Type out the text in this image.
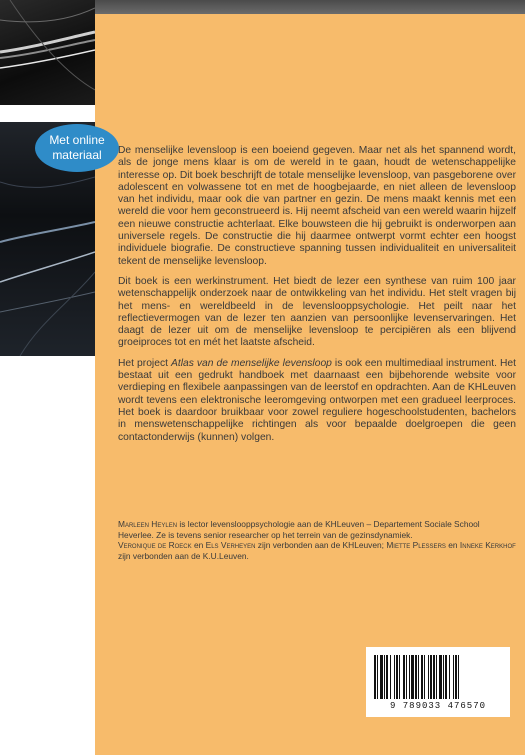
Met online
materiaal	De menselijke levensloop is een boeiend gegeven. Maar net als het spannend wordt, als de jonge mens klaar is om de wereld in te gaan, houdt de wetenschappelijke interesse op. Dit boek beschrijft de totale menselijke levensloop, van pasgeborene over adolescent en volwassene tot en met de hoogbejaarde, en niet alleen de levensloop van het individu, maar ook die van partner en gezin. De mens maakt kennis met een wereld die voor hem geconstrueerd is. Hij neemt afscheid van een wereld waarin hijzelf een nieuwe constructie achterlaat. Elke bouwsteen die hij gebruikt is onderworpen aan universele regels. De constructie die hij daarmee ontwerpt vormt echter een hoogst individuele biografie. De constructieve spanning tussen individualiteit en universaliteit tekent de menselijke levensloop.

Dit boek is een werkinstrument. Het biedt de lezer een synthese van ruim 100 jaar wetenschappelijk onderzoek naar de ontwikkeling van het individu. Het stelt vragen bij het mens- en wereldbeeld in de levenslooppsychologie. Het peilt naar het reflectievermogen van de lezer ten aanzien van persoonlijke levenservaringen. Het daagt de lezer uit om de menselijke levensloop te percipiëren als een blijvend groeiproces tot en mét het laatste afscheid.

Het project Atlas van de menselijke levensloop is ook een multimediaal instrument. Het bestaat uit een gedrukt handboek met daarnaast een bijbehorende website voor verdieping en flexibele aanpassingen van de leerstof en opdrachten. Aan de KHLeuven wordt tevens een elektronische leeromgeving ontworpen met een gradueel leerproces. Het boek is daardoor bruikbaar voor zowel reguliere hogeschoolstudenten, bachelors in menswetenschappelijke richtingen als voor bepaalde doelgroepen die geen contactonderwijs (kunnen) volgen.

Marleen Heylen is lector levenslooppsychologie aan de KHLeuven – Departement Sociale School Heverlee. Ze is tevens senior researcher op het terrein van de gezinsdynamiek.

Veronique de Roeck en Els Verheyen zijn verbonden aan de KHLeuven; Miette Plessers en Inneke Kerkhof zijn verbonden aan de K.U.Leuven.

9 789033 476570
